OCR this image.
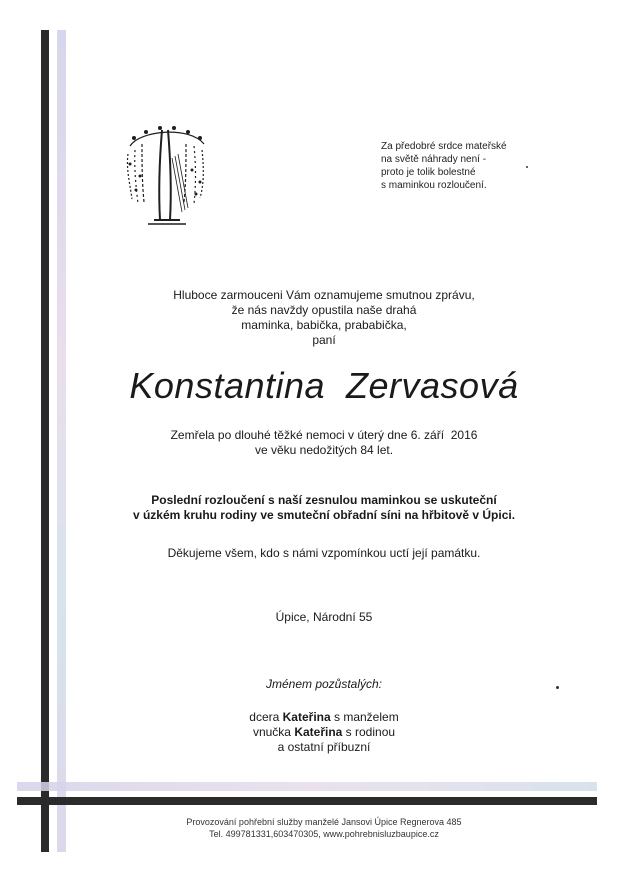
Za předobré srdce mateřské
na světě náhrady není -
proto je tolik bolestné
s maminkou rozloučení.
Hluboce zarmouceni Vám oznamujeme smutnou zprávu,
že nás navždy opustila naše drahá
maminka, babička, prababička,
paní
Konstantina  Zervasová
Zemřela po dlouhé těžké nemoci v úterý dne 6. září  2016
ve věku nedožitých 84 let.
Poslední rozloučení s naší zesnulou maminkou se uskuteční
v úzkém kruhu rodiny ve smuteční obřadní síni na hřbitově v Úpici.
Děkujeme všem, kdo s námi vzpomínkou uctí její památku.
Úpice, Národní 55
Jménem pozůstalých:
dcera Kateřina s manželem
vnučka Kateřina s rodinou
a ostatní příbuzní
Provozování pohřební služby manželé Jansovi Úpice Regnerova 485
Tel. 499781331,603470305, www.pohrebnisluzbaupice.cz
